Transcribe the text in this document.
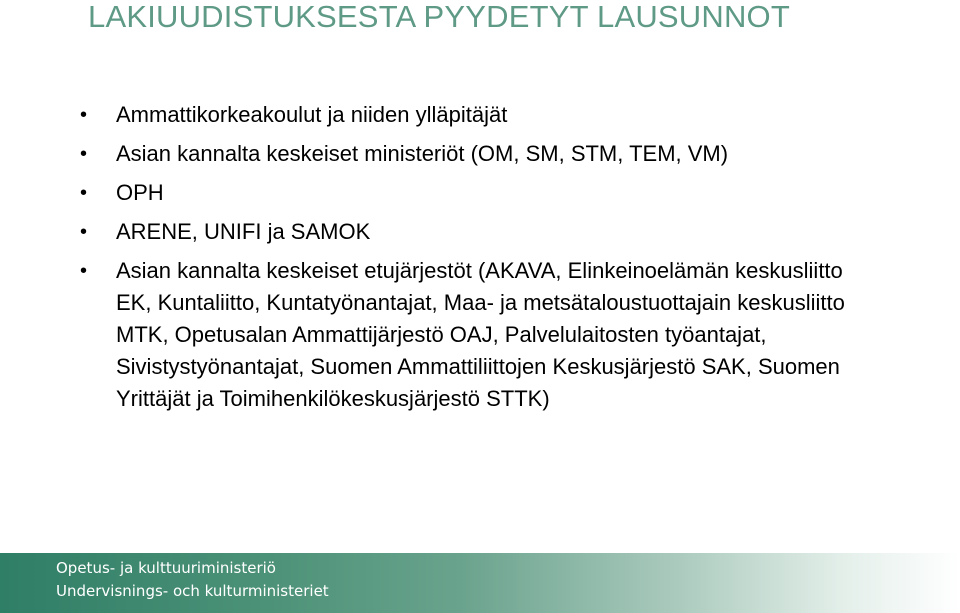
LAKIUUDISTUKSESTA PYYDETYT LAUSUNNOT
• Ammattikorkeakoulut ja niiden ylläpitäjät
• Asian kannalta keskeiset ministeriöt (OM, SM, STM, TEM, VM)
• OPH
• ARENE, UNIFI ja SAMOK
• Asian kannalta keskeiset etujärjestöt (AKAVA, Elinkeinoelämän keskusliitto EK, Kuntaliitto, Kuntatyönantajat, Maa- ja metsätaloustuottajain keskusliitto MTK, Opetusalan Ammattijärjestö OAJ, Palvelulaitosten työantajat, Sivistystyönantajat, Suomen Ammattiliittojen Keskusjärjestö SAK, Suomen Yrittäjät ja Toimihenkilökeskusjärjestö STTK)
Opetus- ja kulttuuriministeriö
Undervisnings- och kulturministeriet
